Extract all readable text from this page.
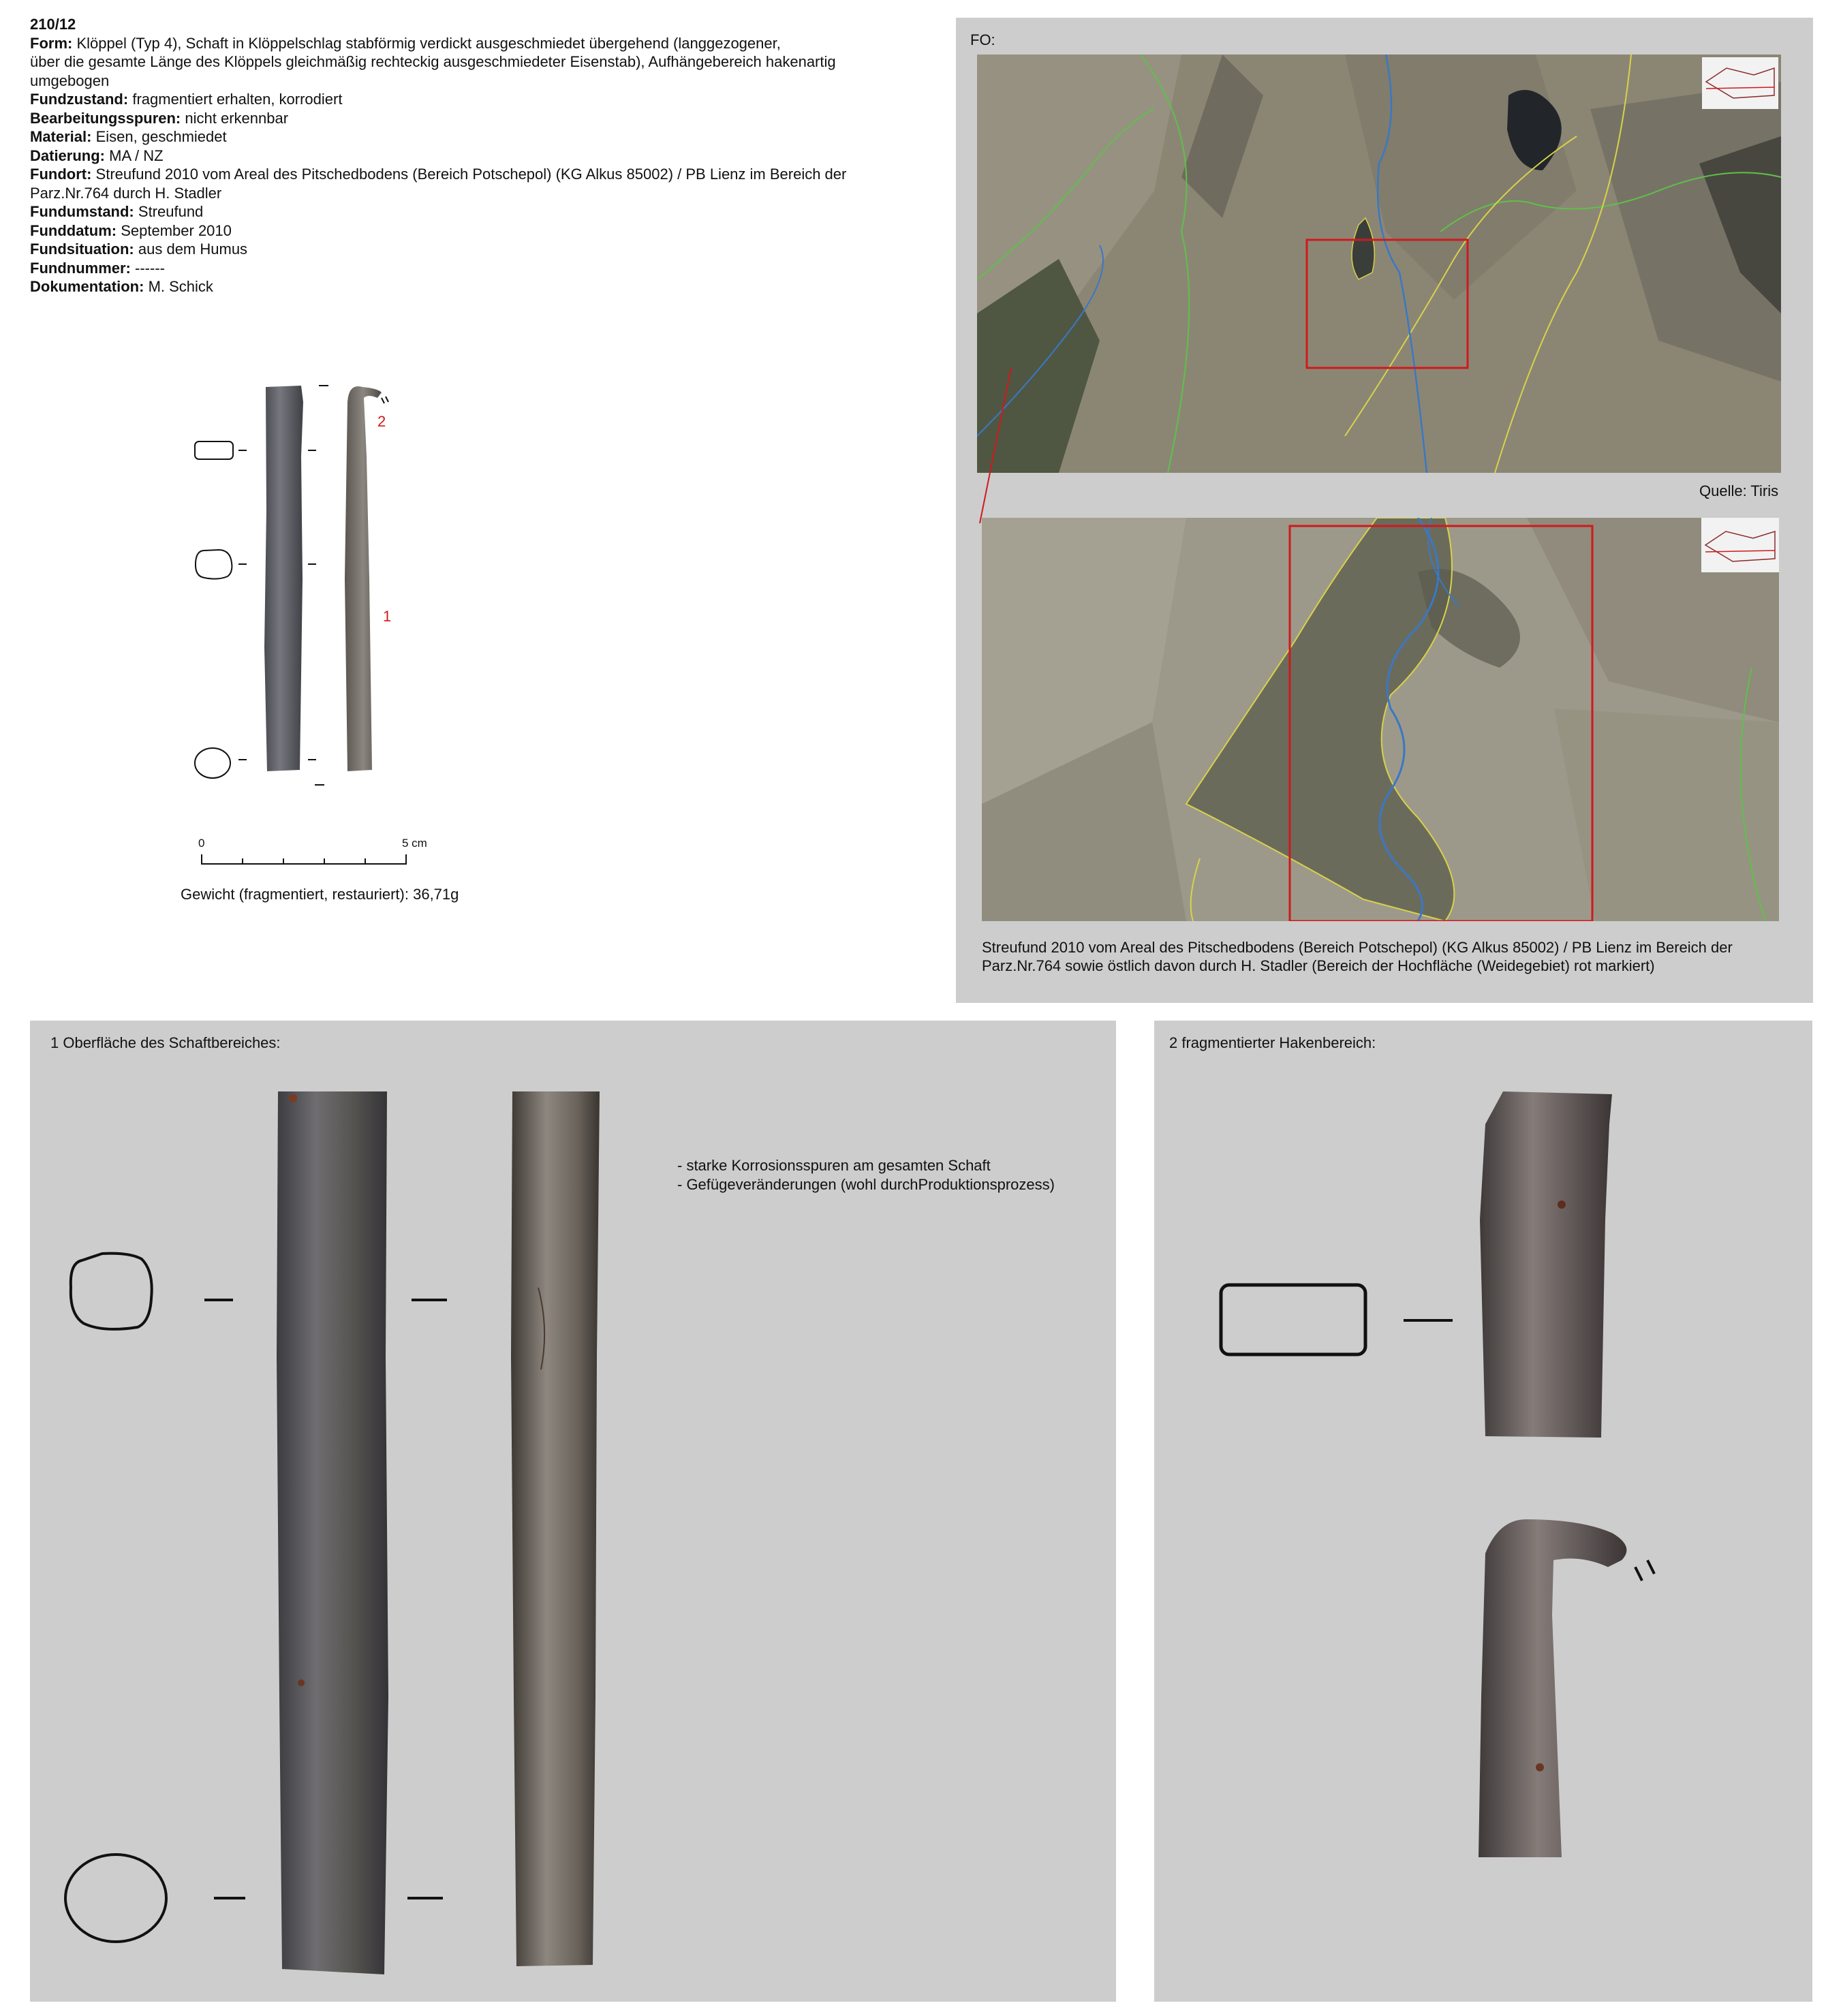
210/12
Form: Klöppel (Typ 4), Schaft in Klöppelschlag stabförmig verdickt ausgeschmiedet übergehend (langgezogener,
über die gesamte Länge des Klöppels gleichmäßig rechteckig ausgeschmiedeter Eisenstab), Aufhängebereich hakenartig
umgebogen
Fundzustand: fragmentiert erhalten, korrodiert
Bearbeitungsspuren: nicht erkennbar
Material: Eisen, geschmiedet
Datierung: MA / NZ
Fundort: Streufund 2010 vom Areal des Pitschedbodens (Bereich Potschepol) (KG Alkus 85002) / PB Lienz im Bereich der
Parz.Nr.764 durch H. Stadler
Fundumstand: Streufund
Funddatum: September 2010
Fundsituation: aus dem Humus
Fundnummer: ------
Dokumentation: M. Schick
2
1
0	5 cm
Gewicht (fragmentiert, restauriert): 36,71g
FO:
Quelle: Tiris
Streufund 2010 vom Areal des Pitschedbodens (Bereich Potschepol) (KG Alkus 85002) / PB Lienz im Bereich der
Parz.Nr.764 sowie östlich davon durch H. Stadler (Bereich der Hochfläche (Weidegebiet) rot markiert)
1 Oberfläche des Schaftbereiches:
- starke Korrosionsspuren am gesamten Schaft
- Gefügeveränderungen (wohl durchProduktionsprozess)
2 fragmentierter Hakenbereich:
